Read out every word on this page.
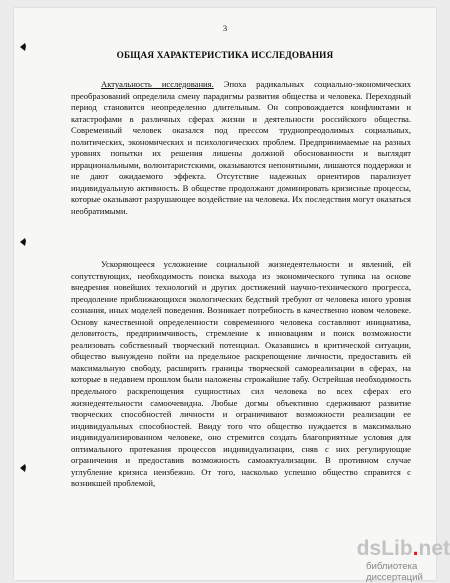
3
ОБЩАЯ ХАРАКТЕРИСТИКА ИССЛЕДОВАНИЯ

Актуальность исследования. Эпоха радикальных социально-экономических преобразований определила смену парадигмы развития общества и человека. Переходный период становится неопределенно длительным. Он сопровождается конфликтами и катастрофами в различных сферах жизни и деятельности российского общества. Современный человек оказался под прессом труднопреодолимых социальных, политических, экономических и психологических проблем. Предпринимаемые на разных уровнях попытки их решения лишены должной обоснованности и выглядят иррациональными, волюнтаристскими, оказываются непонятными, лишаются поддержки и не дают ожидаемого эффекта. Отсутствие надежных ориентиров парализует индивидуальную активность. В обществе продолжают доминировать кризисные процессы, которые оказывают разрушающее воздействие на человека. Их последствия могут оказаться необратимыми.

Ускоряющееся усложнение социальной жизнедеятельности и явлений, ей сопутствующих, необходимость поиска выхода из экономического тупика на основе внедрения новейших технологий и других достижений научно-технического прогресса, преодоление приближающихся экологических бедствий требуют от человека иного уровня сознания, иных моделей поведения. Возникает потребность в качественно новом человеке. Основу качественной определенности современного человека составляют инициатива, деловитость, предприимчивость, стремление к инновациям и поиск возможности реализовать собственный творческий потенциал. Оказавшись в критической ситуации, общество вынуждено пойти на предельное раскрепощение личности, предоставить ей максимальную свободу, расширить границы творческой самореализации в сферах, на которые в недавнем прошлом были наложены строжайшие табу. Острейшая необходимость предельного раскрепощения сущностных сил человека во всех сферах его жизнедеятельности самоочевидна. Любые догмы объективно сдерживают развитие творческих способностей личности и ограничивают возможности реализации ее индивидуальных способностей. Ввиду того что общество нуждается в максимально индивидуализированном человеке, оно стремится создать благоприятные условия для оптимального протекания процессов индивидуализации, сняв с них регулирующие ограничения и предоставив возможность самоактуализации. В противном случае углубление кризиса неизбежно. От того, насколько успешно общество справится с возникшей проблемой,

dsLib.net
библиотека диссертаций
